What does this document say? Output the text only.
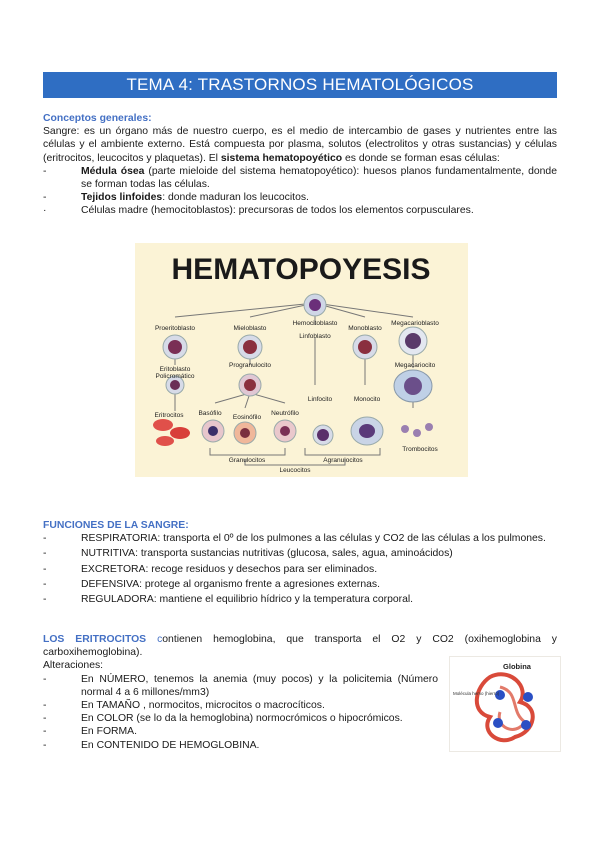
TEMA 4: TRASTORNOS HEMATOLÓGICOS
Conceptos generales:
Sangre: es un órgano más de nuestro cuerpo, es el medio de intercambio de gases y nutrientes entre las células y el ambiente externo. Está compuesta por plasma, solutos (electrolitos y otras sustancias) y células (eritrocitos, leucocitos y plaquetas). El sistema hematopoyético es donde se forman esas células:
-	Médula ósea (parte mieloide del sistema hematopoyético): huesos planos fundamentalmente, donde se forman todas las células.
-	Tejidos linfoides: donde maduran los leucocitos.
·	Células madre (hemocitoblastos): precursoras de todos los elementos corpusculares.
HEMATOPOYESIS
Proeritoblasto	Mieloblasto
Hemocitoblasto
Linfoblasto
Monoblasto
Megacarioblasto
Eritoblasto
Policromático
Progranulocito	Megacariocito
Eritrocitos Basófilo
Eosinófilo
Neutrófilo
Linfocito	Monocito
Trombocitos
Granulocitos	Agranulocitos
Leucocitos
FUNCIONES DE LA SANGRE:
-	RESPIRATORIA: transporta el 0º de los pulmones a las células y CO2 de las células a los pulmones.
-	NUTRITIVA: transporta sustancias nutritivas (glucosa, sales, agua, aminoácidos)
-	EXCRETORA: recoge residuos y desechos para ser eliminados.
-	DEFENSIVA: protege al organismo frente a agresiones externas.
-	REGULADORA: mantiene el equilibrio hídrico y la temperatura corporal.
LOS ERITROCITOS contienen hemoglobina, que transporta el O2 y CO2 (oxihemoglobina y carboxihemoglobina).
Alteraciones:
-	En NÚMERO, tenemos la anemia (muy pocos) y la policitemia (Número normal 4 a 6 millones/mm3)
-	En TAMAÑO , normocitos, microcitos o macrocíticos.
-	En COLOR (se lo da la hemoglobina) normocrómicos o hipocrómicos.
-	En FORMA.
-	En CONTENIDO DE HEMOGLOBINA.
Globina
Molécula hemo (hierro)
